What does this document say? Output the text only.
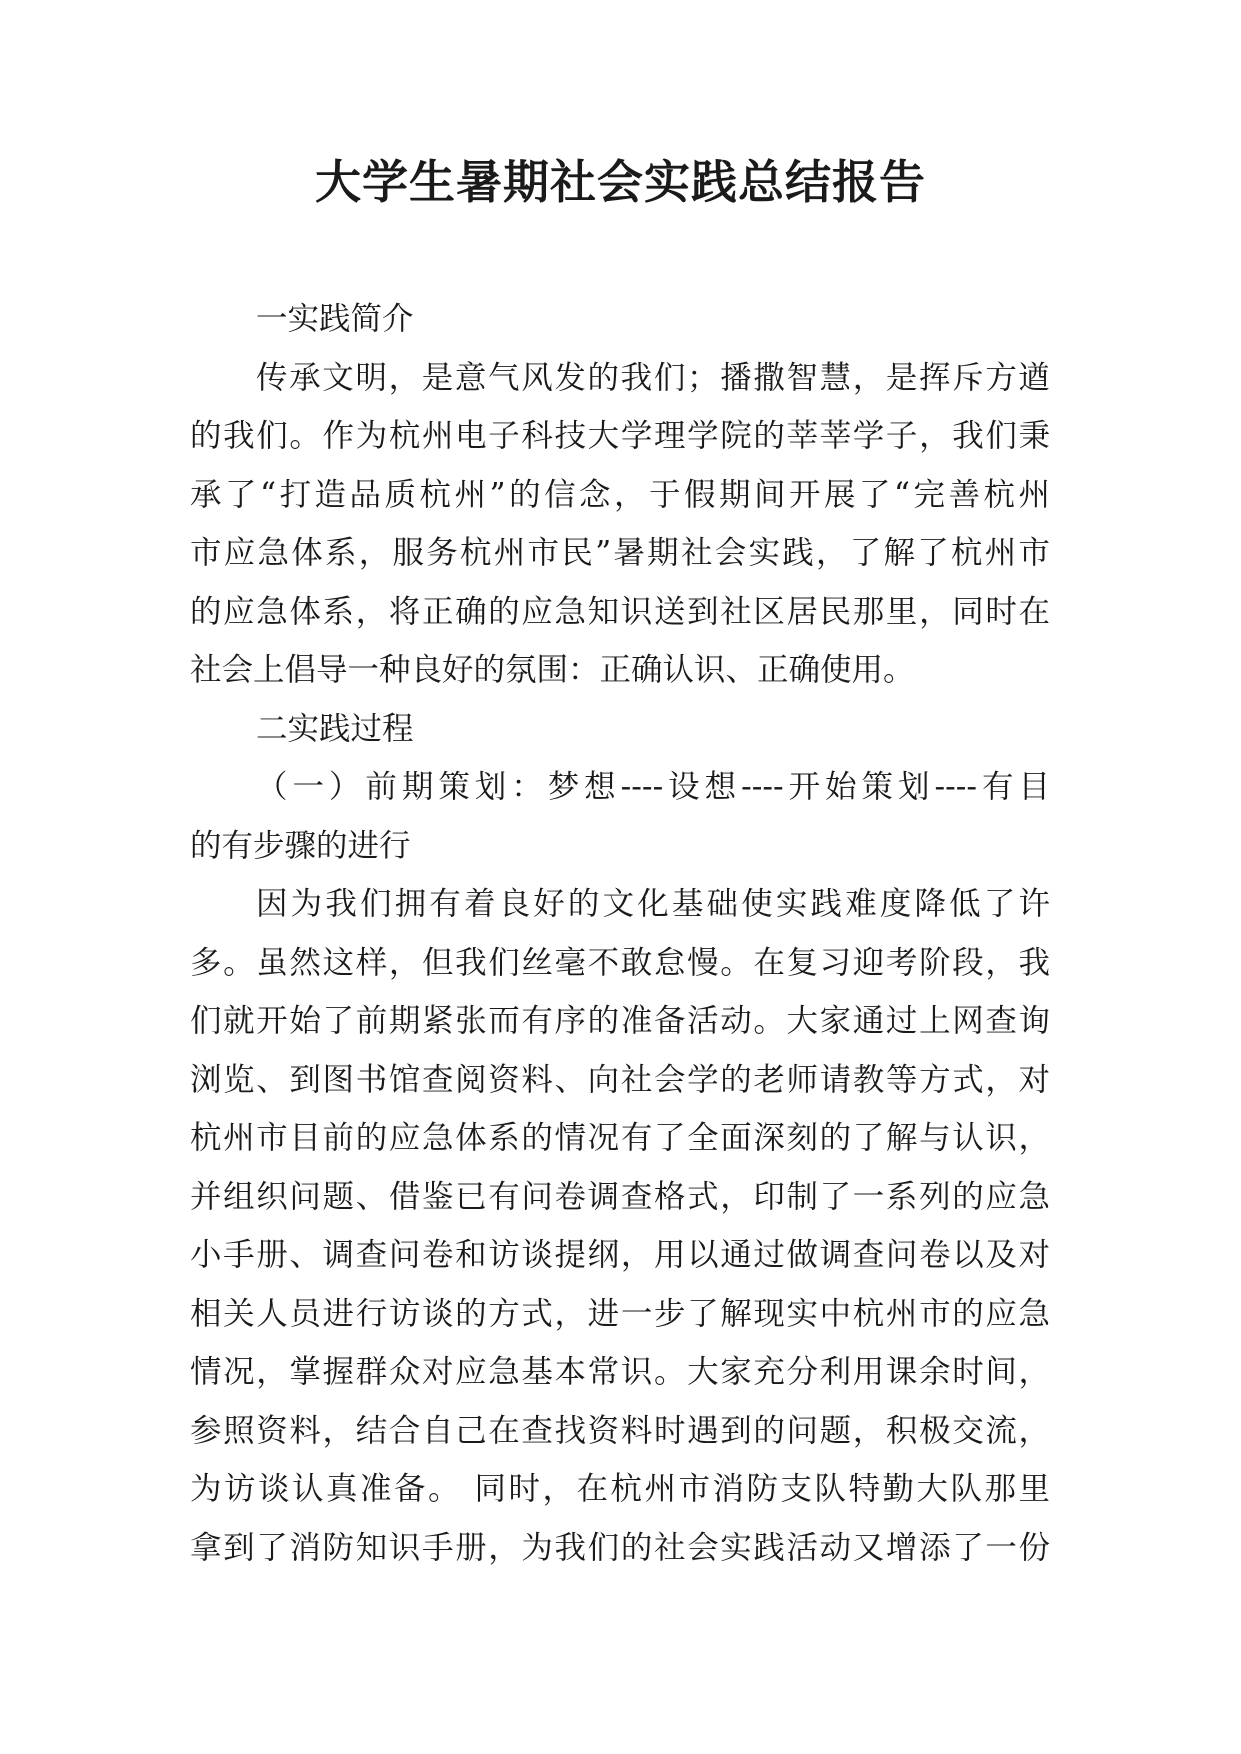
大学生暑期社会实践总结报告
一实践简介
传承文明，是意气风发的我们；播撒智慧，是挥斥方遒
的我们。作为杭州电子科技大学理学院的莘莘学子，我们秉
承了“打造品质杭州”的信念，于假期间开展了“完善杭州
市应急体系，服务杭州市民”暑期社会实践，了解了杭州市
的应急体系，将正确的应急知识送到社区居民那里，同时在
社会上倡导一种良好的氛围：正确认识、正确使用。
二实践过程
（一）前期策划：梦想----设想----开始策划----有目
的有步骤的进行
因为我们拥有着良好的文化基础使实践难度降低了许
多。虽然这样，但我们丝毫不敢怠慢。在复习迎考阶段，我
们就开始了前期紧张而有序的准备活动。大家通过上网查询
浏览、到图书馆查阅资料、向社会学的老师请教等方式，对
杭州市目前的应急体系的情况有了全面深刻的了解与认识，
并组织问题、借鉴已有问卷调查格式，印制了一系列的应急
小手册、调查问卷和访谈提纲，用以通过做调查问卷以及对
相关人员进行访谈的方式，进一步了解现实中杭州市的应急
情况，掌握群众对应急基本常识。大家充分利用课余时间，
参照资料，结合自己在查找资料时遇到的问题，积极交流，
为访谈认真准备。 同时，在杭州市消防支队特勤大队那里
拿到了消防知识手册，为我们的社会实践活动又增添了一份
